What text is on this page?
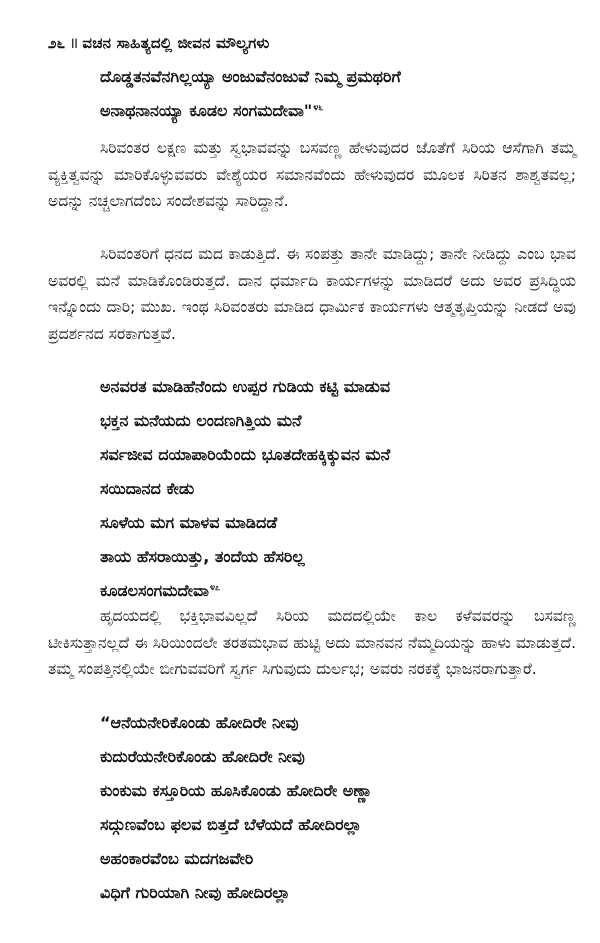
೨೬ ॥ ವಚನ ಸಾಹಿತ್ಯದಲ್ಲಿ ಜೀವನ ಮೌಲ್ಯಗಳು
ದೊಡ್ಡತನವೆನಗಿಲ್ಲಯ್ಯಾ ಅಂಜುವೆನಂಜುವೆ ನಿಮ್ಮ ಪ್ರಮಥರಿಗೆ
ಅನಾಥನಾನಯ್ಯಾ ಕೂಡಲ ಸಂಗಮದೇವಾ"$^{೪೬}$

ಸಿರಿವಂತರ ಲಕ್ಷಣ ಮತ್ತು ಸ್ವಭಾವವನ್ನು ಬಸವಣ್ಣ ಹೇಳುವುದರ ಜೊತೆಗೆ ಸಿರಿಯ ಆಸೆಗಾಗಿ ತಮ್ಮ ವ್ಯಕ್ತಿತ್ವವನ್ನು ಮಾರಿಕೊಳ್ಳುವವರು ವೇಶ್ಯೆಯರ ಸಮಾನವೆಂದು ಹೇಳುವುದರ ಮೂಲಕ ಸಿರಿತನ ಶಾಶ್ವತವಲ್ಲ; ಅದನ್ನು ನಚ್ಚಲಾಗದೆಂಬ ಸಂದೇಶವನ್ನು ಸಾರಿದ್ದಾನೆ.

ಸಿರಿವಂತರಿಗೆ ಧನದ ಮದ ಕಾಡುತ್ತಿದೆ. ಈ ಸಂಪತ್ತು ತಾನೇ ಮಾಡಿದ್ದು; ತಾನೇ ನೀಡಿದ್ದು ಎಂಬ ಭಾವ ಅವರಲ್ಲಿ ಮನೆ ಮಾಡಿಕೊಂಡಿರುತ್ತದೆ. ದಾನ ಧರ್ಮಾದಿ ಕಾರ್ಯಗಳನ್ನು ಮಾಡಿದರೆ ಅದು ಅವರ ಪ್ರಸಿದ್ಧಿಯ ಇನ್ನೊಂದು ದಾರಿ; ಮುಖ. ಇಂಥ ಸಿರಿವಂತರು ಮಾಡಿದ ಧಾರ್ಮಿಕ ಕಾರ್ಯಗಳು ಆತ್ಮತೃಪ್ತಿಯನ್ನು ನೀಡದೆ ಅವು ಪ್ರದರ್ಶನದ ಸರಕಾಗುತ್ತವೆ.

ಅನವರತ ಮಾಡಿಹೆನೆಂದು ಉಪ್ಪರ ಗುಡಿಯ ಕಟ್ಟಿ ಮಾಡುವ
ಭಕ್ತನ ಮನೆಯದು ಲಂದಣಗಿತ್ತಿಯ ಮನೆ
ಸರ್ವಜೀವ ದಯಾಪಾರಿಯೆಂದು ಭೂತದೇಹಕ್ಕಿಕ್ಕುವನ ಮನೆ
ಸಯಿದಾನದ ಕೇಡು
ಸೂಳೆಯ ಮಗ ಮಾಳವ ಮಾಡಿದಡೆ
ತಾಯ ಹೆಸರಾಯಿತ್ತು, ತಂದೆಯ ಹೆಸರಿಲ್ಲ
ಕೂಡಲಸಂಗಮದೇವಾ$^{೪೭}$

ಹೃದಯದಲ್ಲಿ ಭಕ್ತಿಭಾವವಿಲ್ಲದೆ ಸಿರಿಯ ಮದದಲ್ಲಿಯೇ ಕಾಲ ಕಳೆವವರನ್ನು ಬಸವಣ್ಣ ಟೀಕಿಸುತ್ತಾನಲ್ಲದೆ ಈ ಸಿರಿಯಿಂದಲೇ ತರತಮಭಾವ ಹುಟ್ಟಿ ಅದು ಮಾನವನ ನೆಮ್ಮದಿಯನ್ನು ಹಾಳು ಮಾಡುತ್ತದೆ. ತಮ್ಮ ಸಂಪತ್ತಿನಲ್ಲಿಯೇ ಬೀಗುವವರಿಗೆ ಸ್ವರ್ಗ ಸಿಗುವುದು ದುರ್ಲಭ; ಅವರು ನರಕಕ್ಕೆ ಭಾಜನರಾಗುತ್ತಾರೆ.

“ಆನೆಯನೇರಿಕೊಂಡು ಹೋದಿರೇ ನೀವು
ಕುದುರೆಯನೇರಿಕೊಂಡು ಹೋದಿರೇ ನೀವು
ಕುಂಕುಮ ಕಸ್ತೂರಿಯ ಹೂಸಿಕೊಂಡು ಹೋದಿರೇ ಅಣ್ಣಾ
ಸದ್ಗುಣವೆಂಬ ಫಲವ ಬಿತ್ತದೆ ಬೆಳೆಯದೆ ಹೋದಿರಲ್ಲಾ
ಅಹಂಕಾರವೆಂಬ ಮದಗಜವೇರಿ
ವಿಧಿಗೆ ಗುರಿಯಾಗಿ ನೀವು ಹೋದಿರಲ್ಲಾ
